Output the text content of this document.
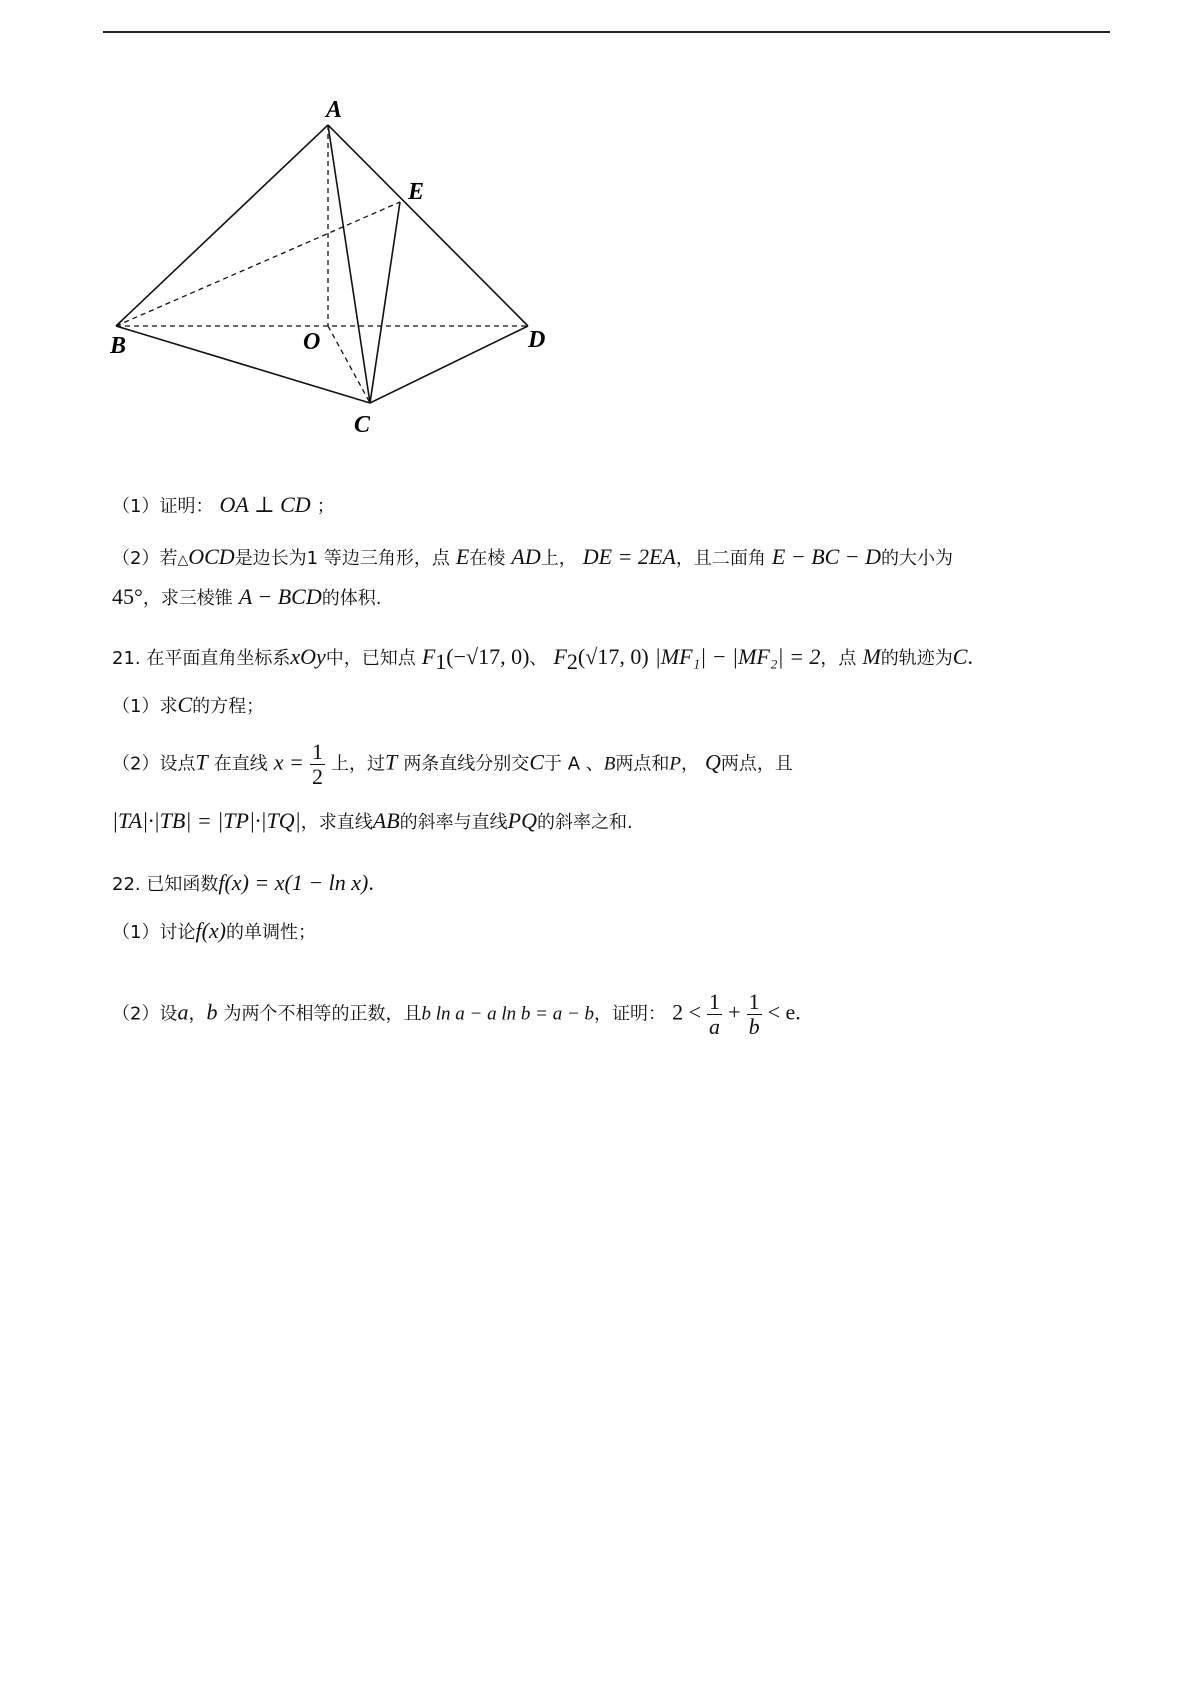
A
E
B	O	D
C
（1）证明： OA ⊥ CD ；
（2）若△OCD是边长为1 等边三角形，点 E在棱 AD上， DE = 2EA，且二面角 E − BC − D的大小为
45°，求三棱锥 A − BCD的体积.
21. 在平面直角坐标系xOy中，已知点 $F_1(-√17$, 0)、 $F_2(√17$, 0) |MF₁| − |MF₂| = 2，点 M的轨迹为C.
（1）求C的方程；
（2）设点T 在直线 $x = \frac{1}{2}$ 上，过T 两条直线分别交C于 A 、B两点和P， Q两点，且
|TA|·|TB| = |TP|·|TQ|，求直线AB的斜率与直线PQ的斜率之和.
22. 已知函数f(x) = x(1 − ln x).
（1）讨论f(x)的单调性；
（2）设a，b 为两个不相等的正数，且b ln a − a ln b = a − b，证明： $2 < \frac{1}{a} + \frac{1}{b} < e$.
